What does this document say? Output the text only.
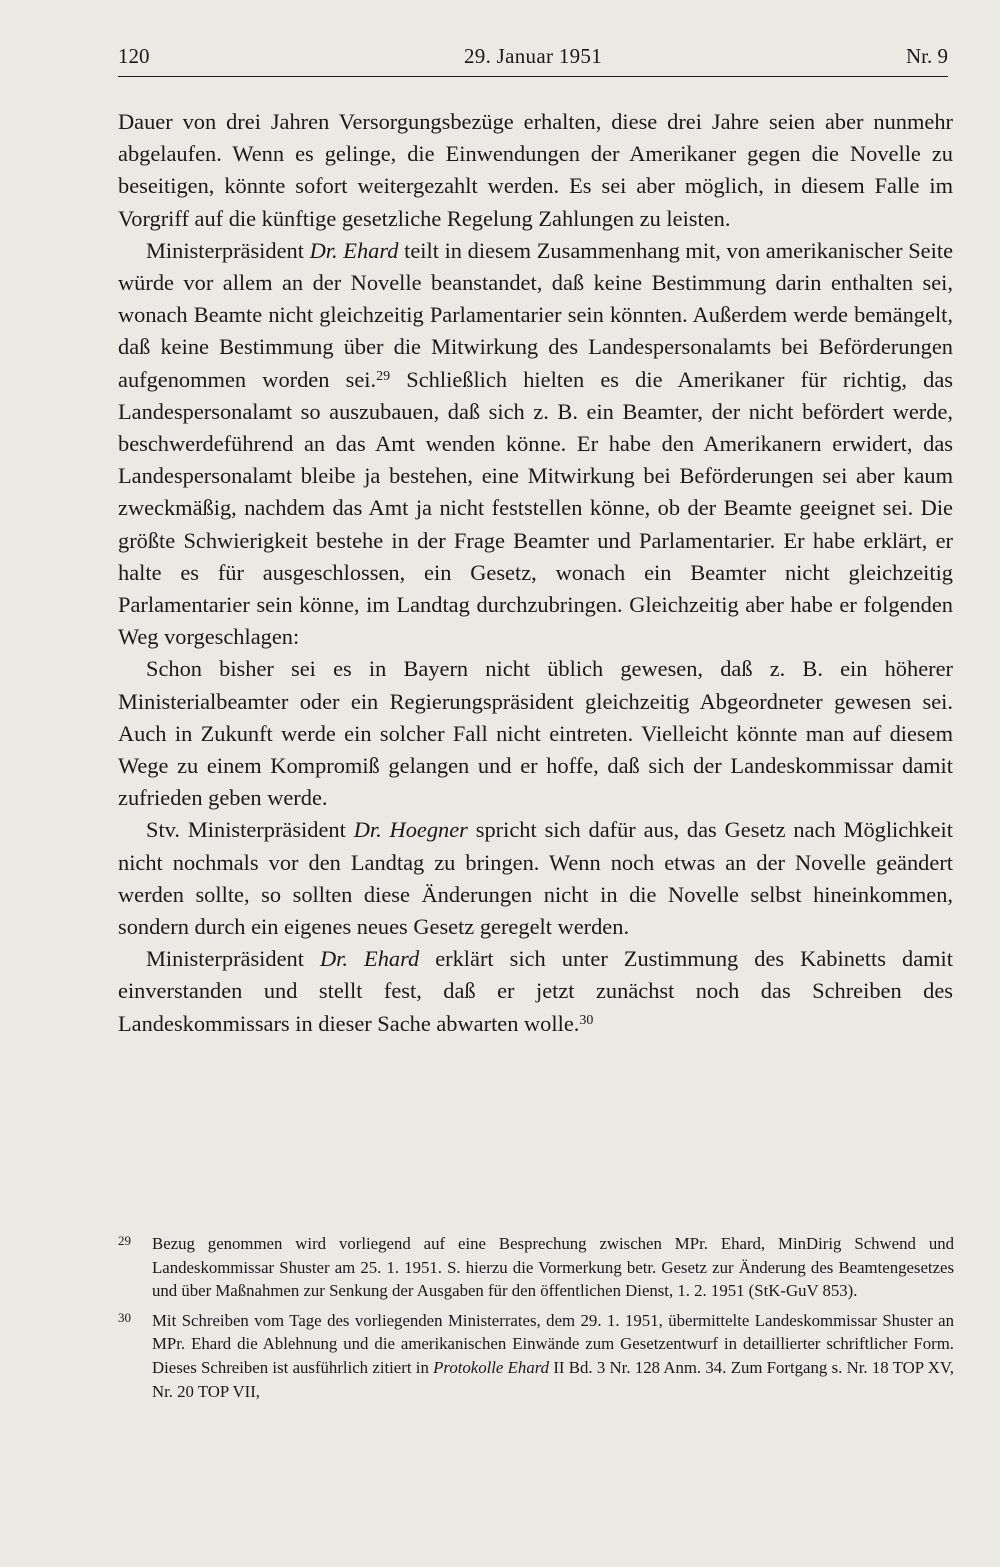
120	29. Januar 1951	Nr. 9

Dauer von drei Jahren Versorgungsbezüge erhalten, diese drei Jahre seien aber nunmehr abgelaufen. Wenn es gelinge, die Einwendungen der Amerikaner gegen die Novelle zu beseitigen, könnte sofort weitergezahlt werden. Es sei aber möglich, in diesem Falle im Vorgriff auf die künftige gesetzliche Regelung Zahlungen zu leisten.

Ministerpräsident Dr. Ehard teilt in diesem Zusammenhang mit, von amerikanischer Seite würde vor allem an der Novelle beanstandet, daß keine Bestimmung darin enthalten sei, wonach Beamte nicht gleichzeitig Parlamentarier sein könnten. Außerdem werde bemängelt, daß keine Bestimmung über die Mitwirkung des Landespersonalamts bei Beförderungen aufgenommen worden sei.$^{29}$ Schließlich hielten es die Amerikaner für richtig, das Landespersonalamt so auszubauen, daß sich z. B. ein Beamter, der nicht befördert werde, beschwerdeführend an das Amt wenden könne. Er habe den Amerikanern erwidert, das Landespersonalamt bleibe ja bestehen, eine Mitwirkung bei Beförderungen sei aber kaum zweckmäßig, nachdem das Amt ja nicht feststellen könne, ob der Beamte geeignet sei. Die größte Schwierigkeit bestehe in der Frage Beamter und Parlamentarier. Er habe erklärt, er halte es für ausgeschlossen, ein Gesetz, wonach ein Beamter nicht gleichzeitig Parlamentarier sein könne, im Landtag durchzubringen. Gleichzeitig aber habe er folgenden Weg vorgeschlagen:

Schon bisher sei es in Bayern nicht üblich gewesen, daß z. B. ein höherer Ministerialbeamter oder ein Regierungspräsident gleichzeitig Abgeordneter gewesen sei. Auch in Zukunft werde ein solcher Fall nicht eintreten. Vielleicht könnte man auf diesem Wege zu einem Kompromiß gelangen und er hoffe, daß sich der Landeskommissar damit zufrieden geben werde.

Stv. Ministerpräsident Dr. Hoegner spricht sich dafür aus, das Gesetz nach Möglichkeit nicht nochmals vor den Landtag zu bringen. Wenn noch etwas an der Novelle geändert werden sollte, so sollten diese Änderungen nicht in die Novelle selbst hineinkommen, sondern durch ein eigenes neues Gesetz geregelt werden.

Ministerpräsident Dr. Ehard erklärt sich unter Zustimmung des Kabinetts damit einverstanden und stellt fest, daß er jetzt zunächst noch das Schreiben des Landeskommissars in dieser Sache abwarten wolle.$^{30}$

29 Bezug genommen wird vorliegend auf eine Besprechung zwischen MPr. Ehard, MinDirig Schwend und Landeskommissar Shuster am 25. 1. 1951. S. hierzu die Vormerkung betr. Gesetz zur Änderung des Beamtengesetzes und über Maßnahmen zur Senkung der Ausgaben für den öffentlichen Dienst, 1. 2. 1951 (StK-GuV 853).
30 Mit Schreiben vom Tage des vorliegenden Ministerrates, dem 29. 1. 1951, übermittelte Landeskommissar Shuster an MPr. Ehard die Ablehnung und die amerikanischen Einwände zum Gesetzentwurf in detaillierter schriftlicher Form. Dieses Schreiben ist ausführlich zitiert in Protokolle Ehard II Bd. 3 Nr. 128 Anm. 34. Zum Fortgang s. Nr. 18 TOP XV, Nr. 20 TOP VII,
